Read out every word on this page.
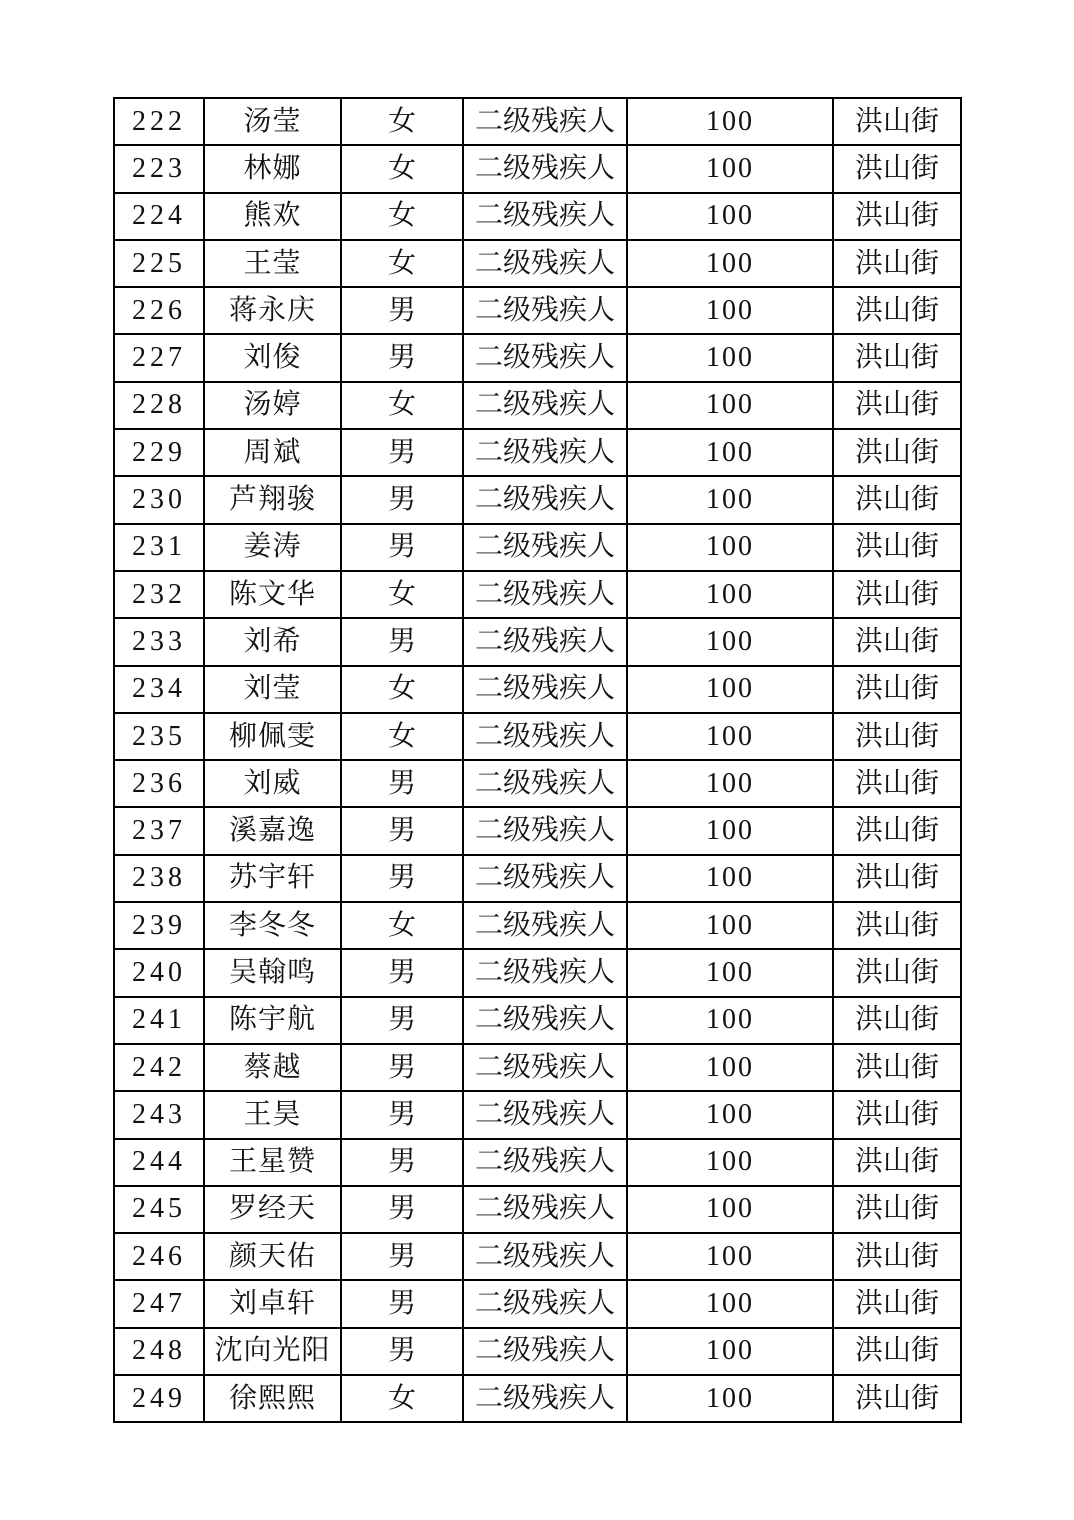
222	汤莹	女	二级残疾人	100	洪山街
223	林娜	女	二级残疾人	100	洪山街
224	熊欢	女	二级残疾人	100	洪山街
225	王莹	女	二级残疾人	100	洪山街
226	蒋永庆	男	二级残疾人	100	洪山街
227	刘俊	男	二级残疾人	100	洪山街
228	汤婷	女	二级残疾人	100	洪山街
229	周斌	男	二级残疾人	100	洪山街
230	芦翔骏	男	二级残疾人	100	洪山街
231	姜涛	男	二级残疾人	100	洪山街
232	陈文华	女	二级残疾人	100	洪山街
233	刘希	男	二级残疾人	100	洪山街
234	刘莹	女	二级残疾人	100	洪山街
235	柳佩雯	女	二级残疾人	100	洪山街
236	刘威	男	二级残疾人	100	洪山街
237	溪嘉逸	男	二级残疾人	100	洪山街
238	苏宇轩	男	二级残疾人	100	洪山街
239	李冬冬	女	二级残疾人	100	洪山街
240	吴翰鸣	男	二级残疾人	100	洪山街
241	陈宇航	男	二级残疾人	100	洪山街
242	蔡越	男	二级残疾人	100	洪山街
243	王昊	男	二级残疾人	100	洪山街
244	王星赞	男	二级残疾人	100	洪山街
245	罗经天	男	二级残疾人	100	洪山街
246	颜天佑	男	二级残疾人	100	洪山街
247	刘卓轩	男	二级残疾人	100	洪山街
248	沈向光阳	男	二级残疾人	100	洪山街
249	徐熙熙	女	二级残疾人	100	洪山街
